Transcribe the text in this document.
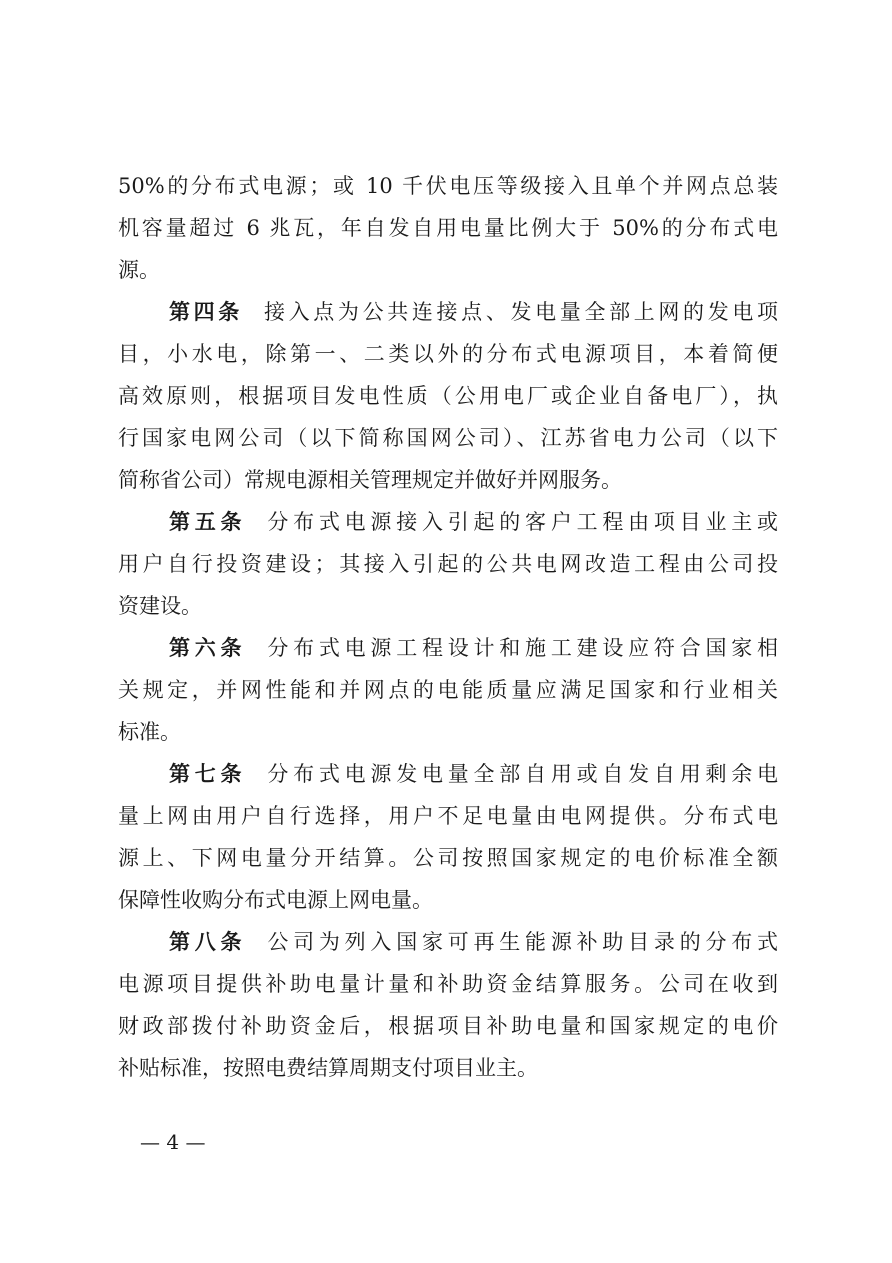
50%的分布式电源；或 10 千伏电压等级接入且单个并网点总装
机容量超过 6 兆瓦，年自发自用电量比例大于 50%的分布式电
源。
第四条 接入点为公共连接点、发电量全部上网的发电项
目，小水电，除第一、二类以外的分布式电源项目，本着简便
高效原则，根据项目发电性质（公用电厂或企业自备电厂），执
行国家电网公司（以下简称国网公司）、江苏省电力公司（以下
简称省公司）常规电源相关管理规定并做好并网服务。
第五条 分布式电源接入引起的客户工程由项目业主或
用户自行投资建设；其接入引起的公共电网改造工程由公司投
资建设。
第六条 分布式电源工程设计和施工建设应符合国家相
关规定，并网性能和并网点的电能质量应满足国家和行业相关
标准。
第七条 分布式电源发电量全部自用或自发自用剩余电
量上网由用户自行选择，用户不足电量由电网提供。分布式电
源上、下网电量分开结算。公司按照国家规定的电价标准全额
保障性收购分布式电源上网电量。
第八条 公司为列入国家可再生能源补助目录的分布式
电源项目提供补助电量计量和补助资金结算服务。公司在收到
财政部拨付补助资金后，根据项目补助电量和国家规定的电价
补贴标准，按照电费结算周期支付项目业主。
— 4 —
